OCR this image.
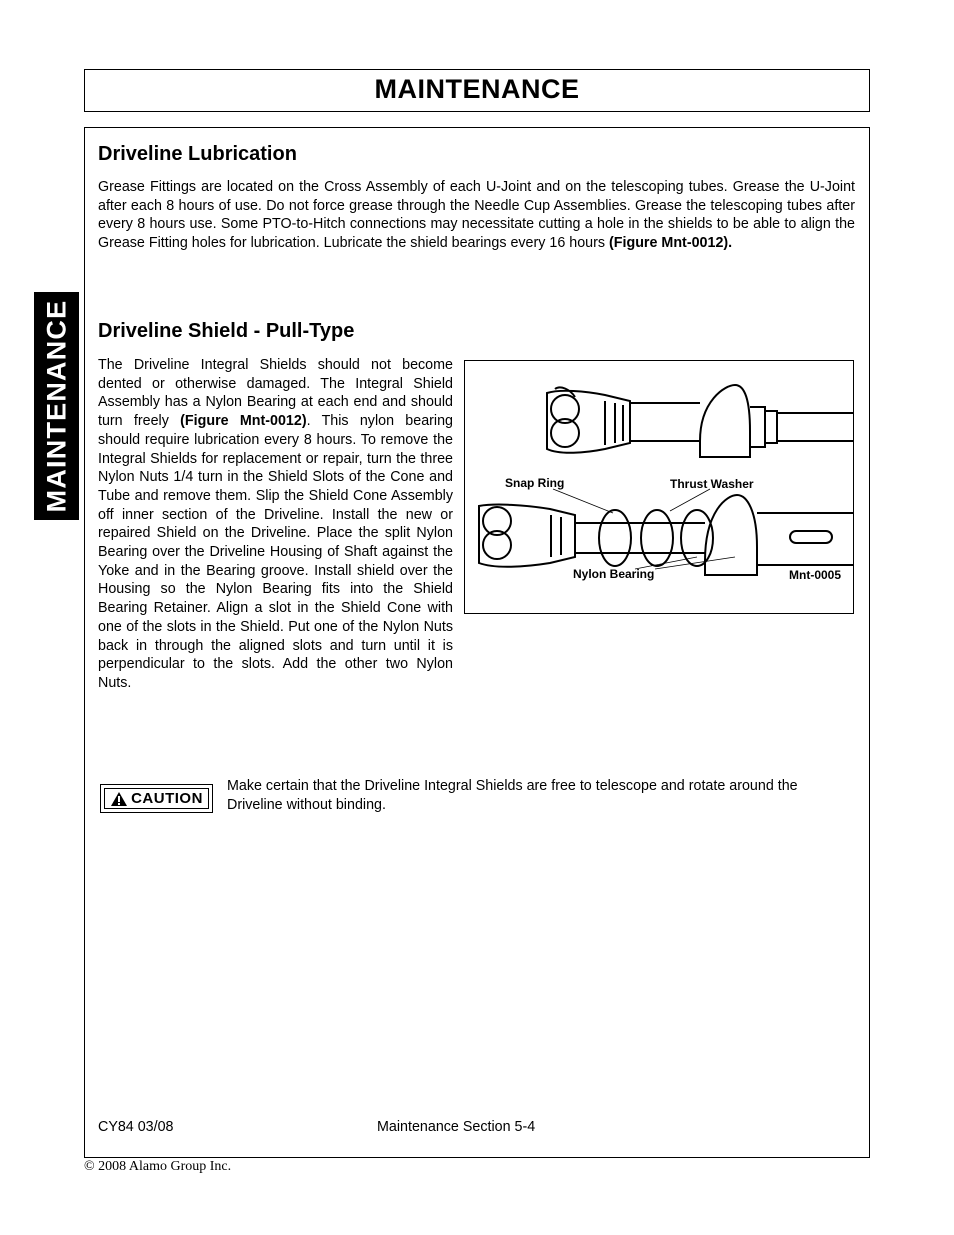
MAINTENANCE
MAINTENANCE
Driveline Lubrication

Grease Fittings are located on the Cross Assembly of each U-Joint and on the telescoping tubes. Grease the U-Joint after each 8 hours of use. Do not force grease through the Needle Cup Assemblies. Grease the telescoping tubes after every 8 hours use. Some PTO-to-Hitch connections may necessitate cutting a hole in the shields to be able to align the Grease Fitting holes for lubrication. Lubricate the shield bearings every 16 hours (Figure Mnt-0012).

Driveline Shield - Pull-Type

The Driveline Integral Shields should not become dented or otherwise damaged. The Integral Shield Assembly has a Nylon Bearing at each end and should turn freely (Figure Mnt-0012). This nylon bearing should require lubrication every 8 hours. To remove the Integral Shields for replacement or repair, turn the three Nylon Nuts 1/4 turn in the Shield Slots of the Cone and Tube and remove them. Slip the Shield Cone Assembly off inner section of the Driveline. Install the new or repaired Shield on the Driveline. Place the split Nylon Bearing over the Driveline Housing of Shaft against the Yoke and in the Bearing groove. Install shield over the Housing so the Nylon Bearing fits into the Shield Bearing Retainer. Align a slot in the Shield Cone with one of the slots in the Shield. Put one of the Nylon Nuts back in through the aligned slots and turn until it is perpendicular to the slots. Add the other two Nylon Nuts.

Snap Ring	Thrust Washer
Nylon Bearing	Mnt-0005
CAUTION

Make certain that the Driveline Integral Shields are free to telescope and rotate around the Driveline without binding.

CY84 03/08	Maintenance Section 5-4
© 2008 Alamo Group Inc.
